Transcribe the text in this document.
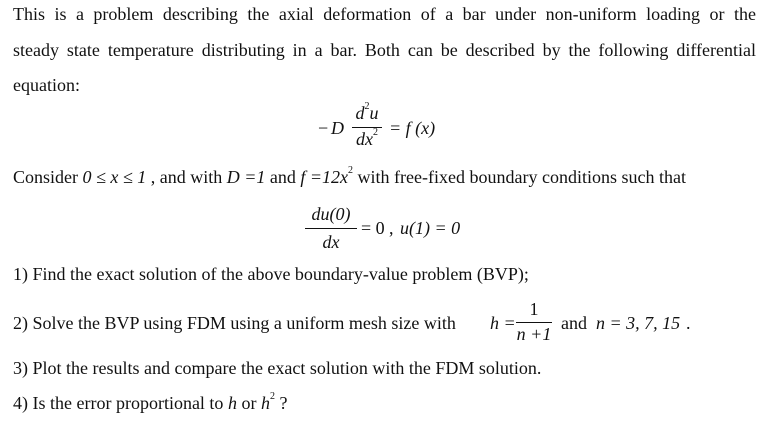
This is a problem describing the axial deformation of a bar under non-uniform loading or the
steady state temperature distributing in a bar. Both can be described by the following differential
equation:
− D
$d^2u$
$dx^2 = f$ (x)
Consider 0 ≤ x ≤ 1 , and with D =1 and $f =12x^2$ with free-fixed boundary conditions such that
du(0)
dx
= 0 , u(1) = 0
1) Find the exact solution of the above boundary-value problem (BVP);
2) Solve the BVP using FDM using a uniform mesh size with h =
1
n +1
and n = 3, 7, 15 .
3) Plot the results and compare the exact solution with the FDM solution.
4) Is the error proportional to h or $h^2$ ?
